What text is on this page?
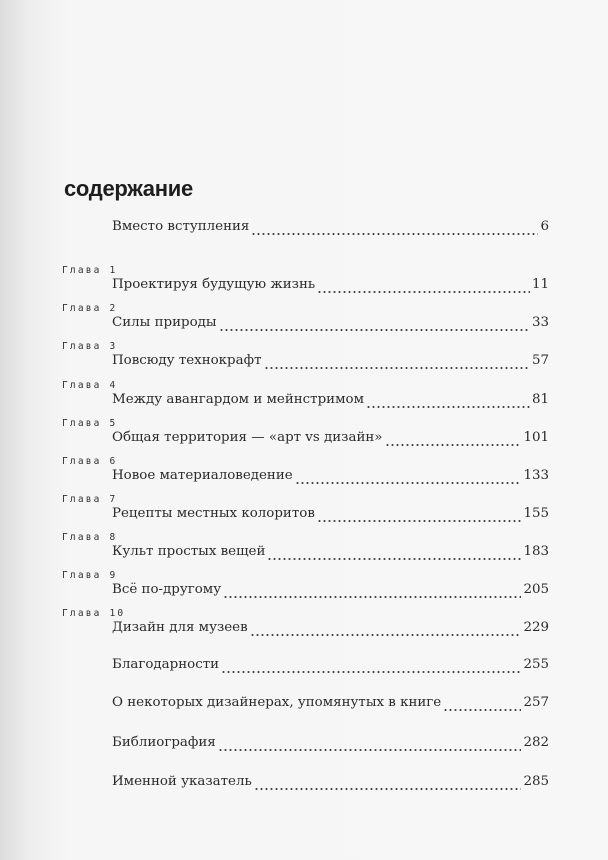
содержание
Вместо вступления	6
Глава 1
Проектируя будущую жизнь	11
Глава 2
Силы природы	33
Глава 3
Повсюду технокрафт	57
Глава 4
Между авангардом и мейнстримом	81
Глава 5
Общая территория — «арт vs дизайн»	101
Глава 6
Новое материаловедение	133
Глава 7
Рецепты местных колоритов	155
Глава 8
Культ простых вещей	183
Глава 9
Всё по-другому	205
Глава 10
Дизайн для музеев	229
Благодарности	255
О некоторых дизайнерах, упомянутых в книге	257
Библиография	282
Именной указатель	285
